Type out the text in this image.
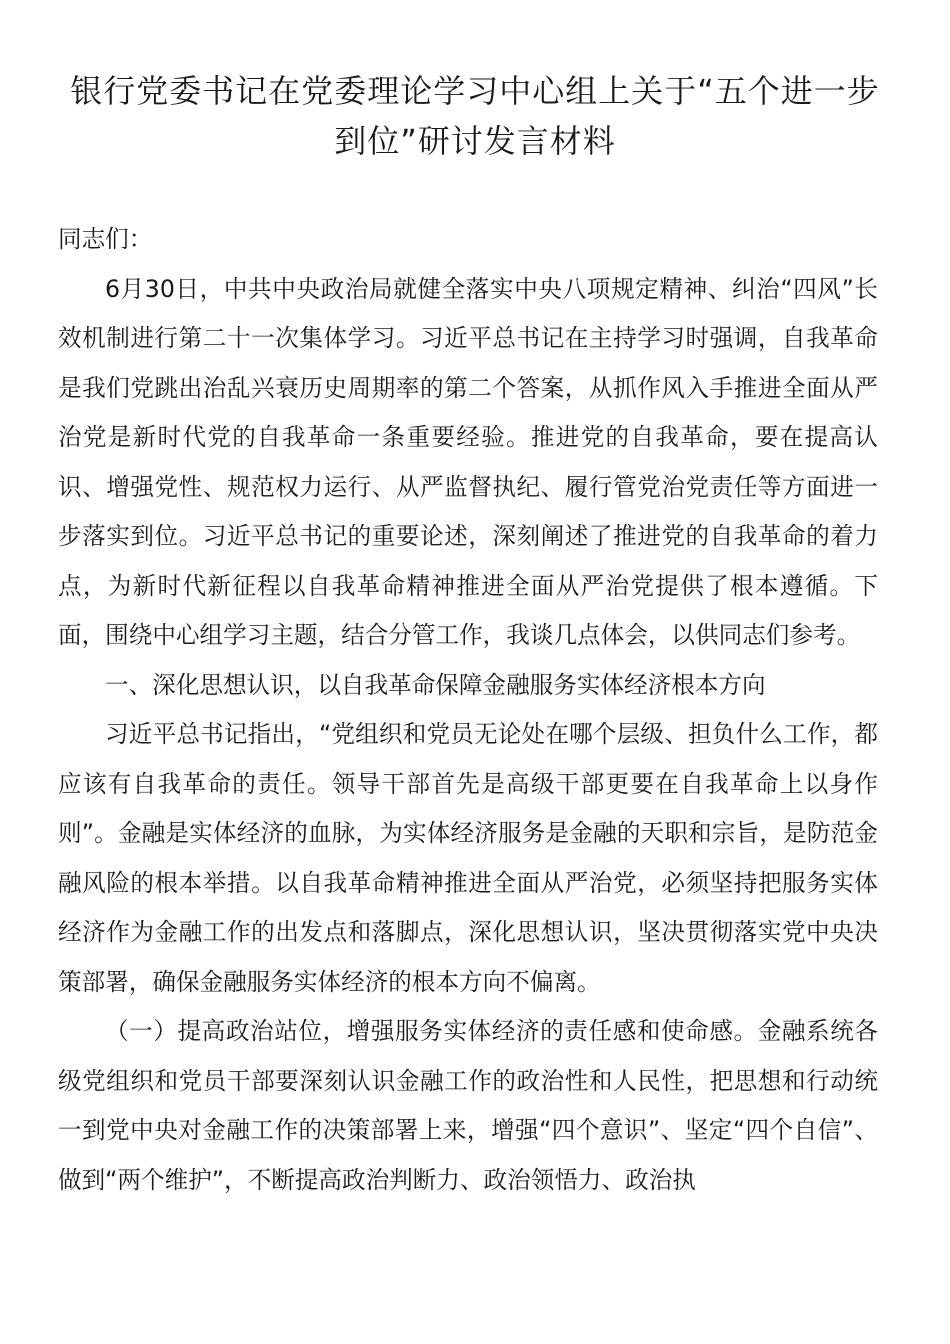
银行党委书记在党委理论学习中心组上关于“五个进一步到位”研讨发言材料

同志们：

6月30日，中共中央政治局就健全落实中央八项规定精神、纠治“四风”长效机制进行第二十一次集体学习。习近平总书记在主持学习时强调，自我革命是我们党跳出治乱兴衰历史周期率的第二个答案，从抓作风入手推进全面从严治党是新时代党的自我革命一条重要经验。推进党的自我革命，要在提高认识、增强党性、规范权力运行、从严监督执纪、履行管党治党责任等方面进一步落实到位。习近平总书记的重要论述，深刻阐述了推进党的自我革命的着力点，为新时代新征程以自我革命精神推进全面从严治党提供了根本遵循。下面，围绕中心组学习主题，结合分管工作，我谈几点体会，以供同志们参考。

一、深化思想认识，以自我革命保障金融服务实体经济根本方向

习近平总书记指出，“党组织和党员无论处在哪个层级、担负什么工作，都应该有自我革命的责任。领导干部首先是高级干部更要在自我革命上以身作则”。金融是实体经济的血脉，为实体经济服务是金融的天职和宗旨，是防范金融风险的根本举措。以自我革命精神推进全面从严治党，必须坚持把服务实体经济作为金融工作的出发点和落脚点，深化思想认识，坚决贯彻落实党中央决策部署，确保金融服务实体经济的根本方向不偏离。

（一）提高政治站位，增强服务实体经济的责任感和使命感。金融系统各级党组织和党员干部要深刻认识金融工作的政治性和人民性，把思想和行动统一到党中央对金融工作的决策部署上来，增强“四个意识”、坚定“四个自信”、做到“两个维护”，不断提高政治判断力、政治领悟力、政治执
